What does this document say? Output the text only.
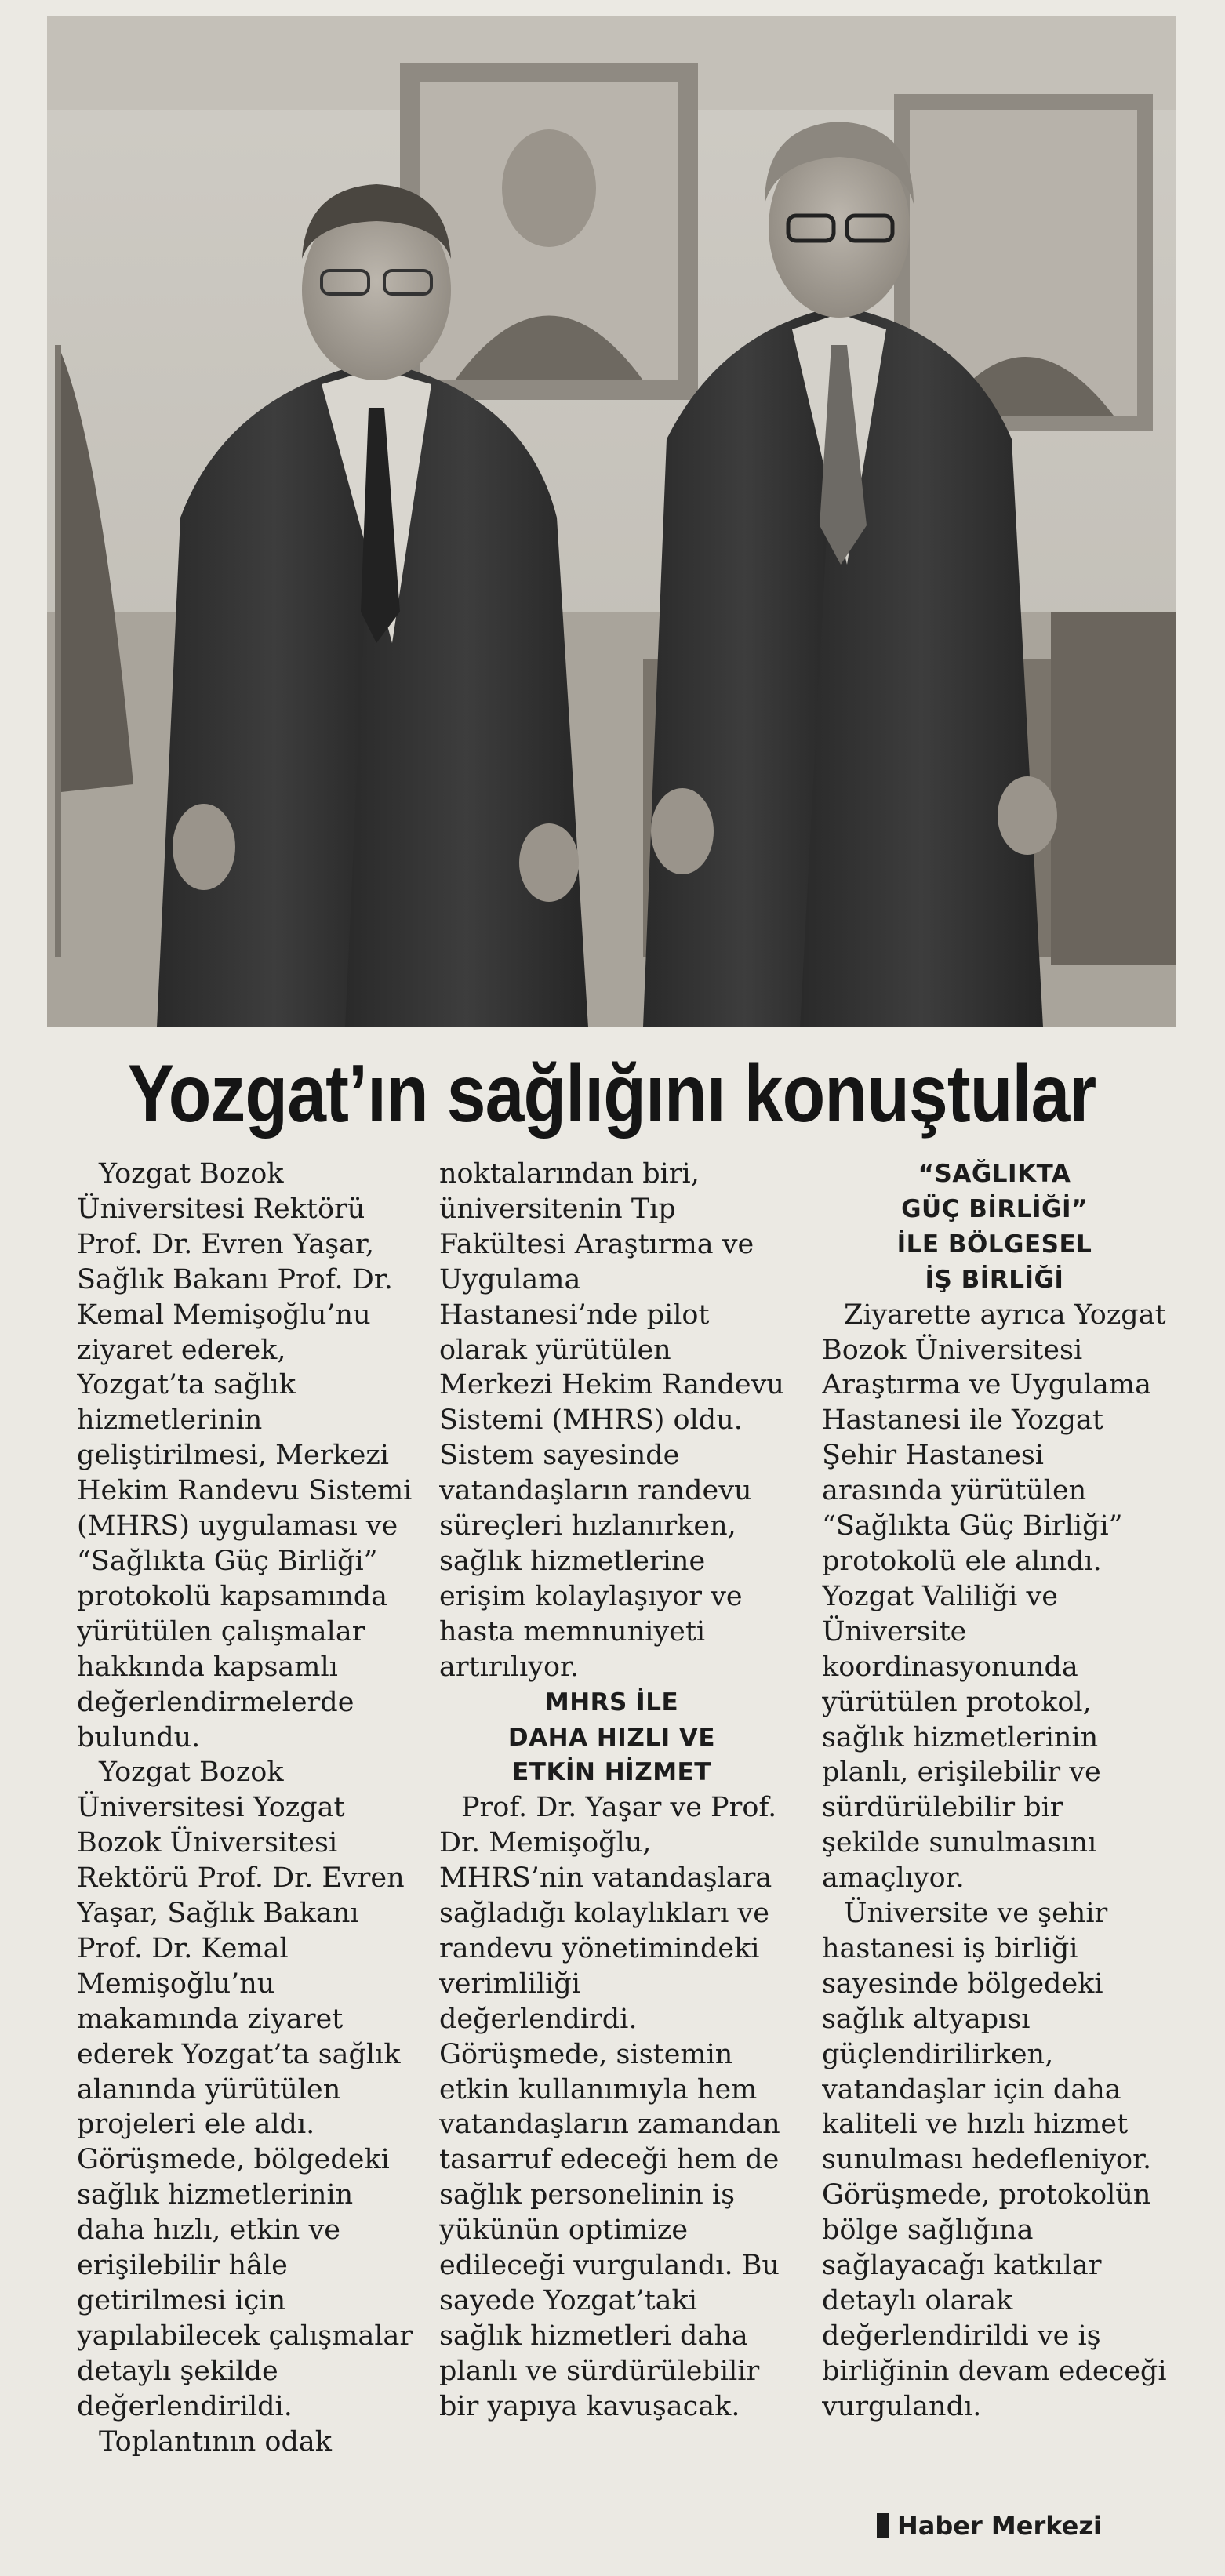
Yozgat’ın sağlığını konuştular

Yozgat Bozok Üniversitesi Rektörü Prof. Dr. Evren Yaşar, Sağlık Bakanı Prof. Dr. Kemal Memişoğlu’nu ziyaret ederek, Yozgat’ta sağlık hizmetlerinin geliştirilmesi, Merkezi Hekim Randevu Sistemi (MHRS) uygulaması ve “Sağlıkta Güç Birliği” protokolü kapsamında yürütülen çalışmalar hakkında kapsamlı değerlendirmelerde bulundu.

Yozgat Bozok Üniversitesi Yozgat Bozok Üniversitesi Rektörü Prof. Dr. Evren Yaşar, Sağlık Bakanı Prof. Dr. Kemal Memişoğlu’nu makamında ziyaret ederek Yozgat’ta sağlık alanında yürütülen projeleri ele aldı. Görüşmede, bölgedeki sağlık hizmetlerinin daha hızlı, etkin ve erişilebilir hâle getirilmesi için yapılabilecek çalışmalar detaylı şekilde değerlendirildi.

Toplantının odak

noktalarından biri, üniversitenin Tıp Fakültesi Araştırma ve Uygulama Hastanesi’nde pilot olarak yürütülen Merkezi Hekim Randevu Sistemi (MHRS) oldu. Sistem sayesinde vatandaşların randevu süreçleri hızlanırken, sağlık hizmetlerine erişim kolaylaşıyor ve hasta memnuniyeti artırılıyor.

MHRS İLE
DAHA HIZLI VE
ETKİN HİZMET

Prof. Dr. Yaşar ve Prof. Dr. Memişoğlu, MHRS’nin vatandaşlara sağladığı kolaylıkları ve randevu yönetimindeki verimliliği değerlendirdi. Görüşmede, sistemin etkin kullanımıyla hem vatandaşların zamandan tasarruf edeceği hem de sağlık personelinin iş yükünün optimize edileceği vurgulandı. Bu sayede Yozgat’taki sağlık hizmetleri daha planlı ve sürdürülebilir bir yapıya kavuşacak.

“SAĞLIKTA
GÜÇ BİRLİĞİ”
İLE BÖLGESEL
İŞ BİRLİĞİ

Ziyarette ayrıca Yozgat Bozok Üniversitesi Araştırma ve Uygulama Hastanesi ile Yozgat Şehir Hastanesi arasında yürütülen “Sağlıkta Güç Birliği” protokolü ele alındı. Yozgat Valiliği ve Üniversite koordinasyonunda yürütülen protokol, sağlık hizmetlerinin planlı, erişilebilir ve sürdürülebilir bir şekilde sunulmasını amaçlıyor.

Üniversite ve şehir hastanesi iş birliği sayesinde bölgedeki sağlık altyapısı güçlendirilirken, vatandaşlar için daha kaliteli ve hızlı hizmet sunulması hedefleniyor. Görüşmede, protokolün bölge sağlığına sağlayacağı katkılar detaylı olarak değerlendirildi ve iş birliğinin devam edeceği vurgulandı.

Haber Merkezi
